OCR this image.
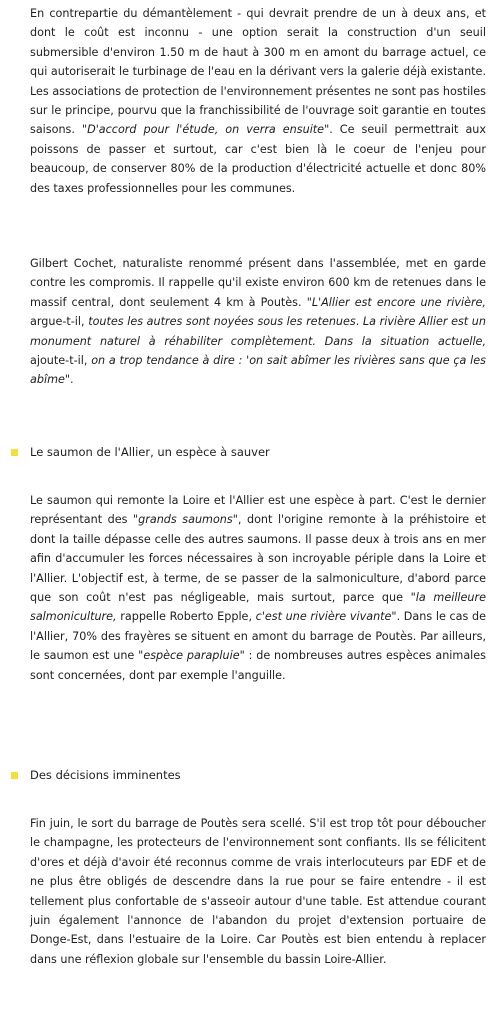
En contrepartie du démantèlement - qui devrait prendre de un à deux ans, et dont le coût est inconnu - une option serait la construction d'un seuil submersible d'environ 1.50 m de haut à 300 m en amont du barrage actuel, ce qui autoriserait le turbinage de l'eau en la dérivant vers la galerie déjà existante. Les associations de protection de l'environnement présentes ne sont pas hostiles sur le principe, pourvu que la franchissibilité de l'ouvrage soit garantie en toutes saisons. "D'accord pour l'étude, on verra ensuite". Ce seuil permettrait aux poissons de passer et surtout, car c'est bien là le coeur de l'enjeu pour beaucoup, de conserver 80% de la production d'électricité actuelle et donc 80% des taxes professionnelles pour les communes.

Gilbert Cochet, naturaliste renommé présent dans l'assemblée, met en garde contre les compromis. Il rappelle qu'il existe environ 600 km de retenues dans le massif central, dont seulement 4 km à Poutès. "L'Allier est encore une rivière, argue-t-il, toutes les autres sont noyées sous les retenues. La rivière Allier est un monument naturel à réhabiliter complètement. Dans la situation actuelle, ajoute-t-il, on a trop tendance à dire : 'on sait abîmer les rivières sans que ça les abîme".

Le saumon de l'Allier, un espèce à sauver

Le saumon qui remonte la Loire et l'Allier est une espèce à part. C'est le dernier représentant des "grands saumons", dont l'origine remonte à la préhistoire et dont la taille dépasse celle des autres saumons. Il passe deux à trois ans en mer afin d'accumuler les forces nécessaires à son incroyable périple dans la Loire et l'Allier. L'objectif est, à terme, de se passer de la salmoniculture, d'abord parce que son coût n'est pas négligeable, mais surtout, parce que "la meilleure salmoniculture, rappelle Roberto Epple, c'est une rivière vivante". Dans le cas de l'Allier, 70% des frayères se situent en amont du barrage de Poutès. Par ailleurs, le saumon est une "espèce parapluie" : de nombreuses autres espèces animales sont concernées, dont par exemple l'anguille.

Des décisions imminentes

Fin juin, le sort du barrage de Poutès sera scellé. S'il est trop tôt pour déboucher le champagne, les protecteurs de l'environnement sont confiants. Ils se félicitent d'ores et déjà d'avoir été reconnus comme de vrais interlocuteurs par EDF et de ne plus être obligés de descendre dans la rue pour se faire entendre - il est tellement plus confortable de s'asseoir autour d'une table. Est attendue courant juin également l'annonce de l'abandon du projet d'extension portuaire de Donge-Est, dans l'estuaire de la Loire. Car Poutès est bien entendu à replacer dans une réflexion globale sur l'ensemble du bassin Loire-Allier.
